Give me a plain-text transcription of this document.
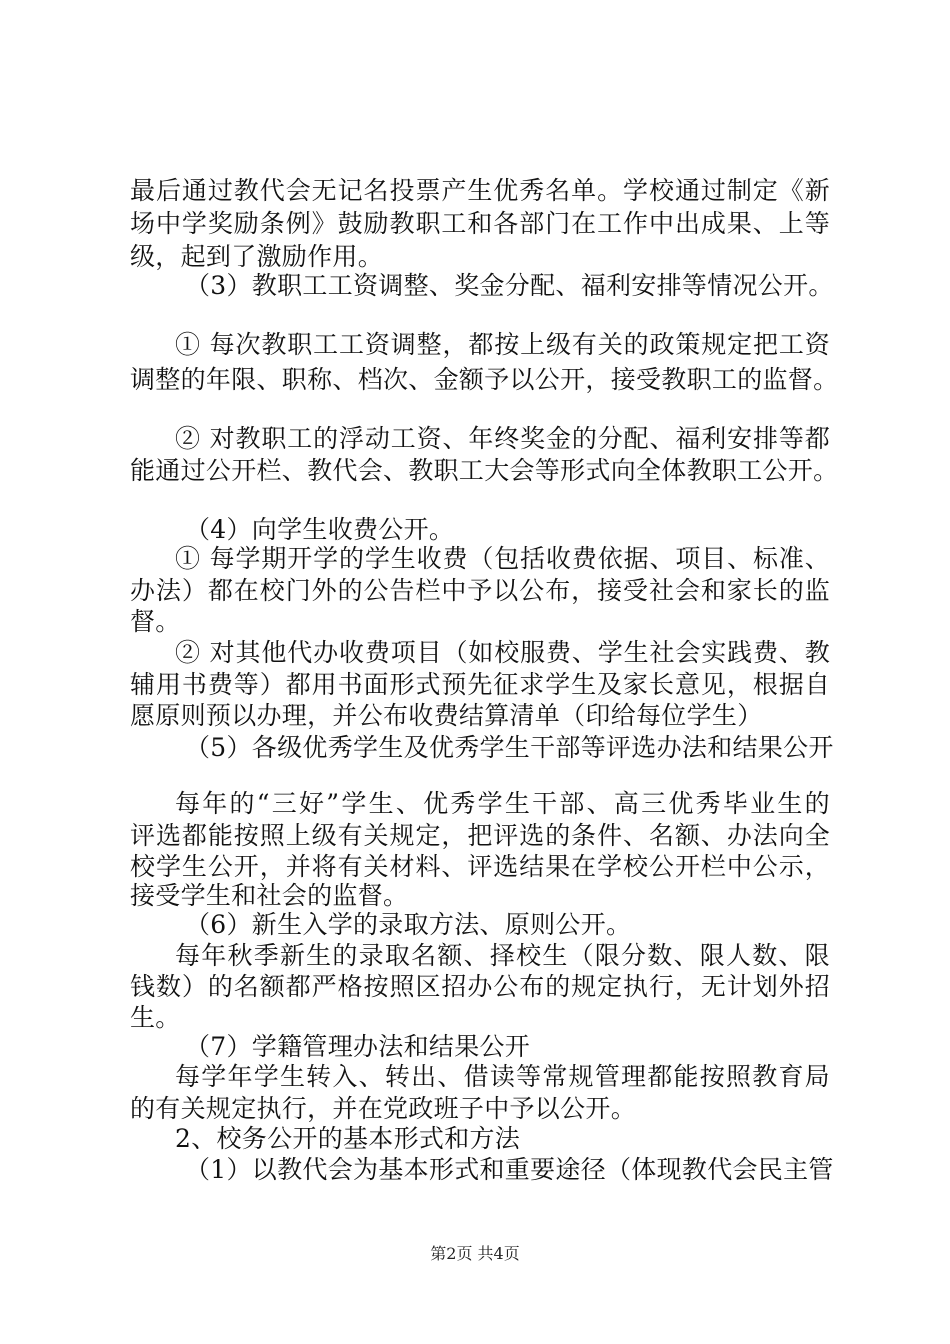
最后通过教代会无记名投票产生优秀名单。学校通过制定《新
场中学奖励条例》鼓励教职工和各部门在工作中出成果、上等
级，起到了激励作用。
（3）教职工工资调整、奖金分配、福利安排等情况公开。
① 每次教职工工资调整，都按上级有关的政策规定把工资
调整的年限、职称、档次、金额予以公开，接受教职工的监督。
② 对教职工的浮动工资、年终奖金的分配、福利安排等都
能通过公开栏、教代会、教职工大会等形式向全体教职工公开。
（4）向学生收费公开。
① 每学期开学的学生收费（包括收费依据、项目、标准、
办法）都在校门外的公告栏中予以公布，接受社会和家长的监
督。
② 对其他代办收费项目（如校服费、学生社会实践费、教
辅用书费等）都用书面形式预先征求学生及家长意见，根据自
愿原则预以办理，并公布收费结算清单（印给每位学生）
（5）各级优秀学生及优秀学生干部等评选办法和结果公开
每年的“三好”学生、优秀学生干部、高三优秀毕业生的
评选都能按照上级有关规定，把评选的条件、名额、办法向全
校学生公开，并将有关材料、评选结果在学校公开栏中公示，
接受学生和社会的监督。
（6）新生入学的录取方法、原则公开。
每年秋季新生的录取名额、择校生（限分数、限人数、限
钱数）的名额都严格按照区招办公布的规定执行，无计划外招
生。
（7）学籍管理办法和结果公开
每学年学生转入、转出、借读等常规管理都能按照教育局
的有关规定执行，并在党政班子中予以公开。
2、校务公开的基本形式和方法
（1）以教代会为基本形式和重要途径（体现教代会民主管
第2页 共4页
